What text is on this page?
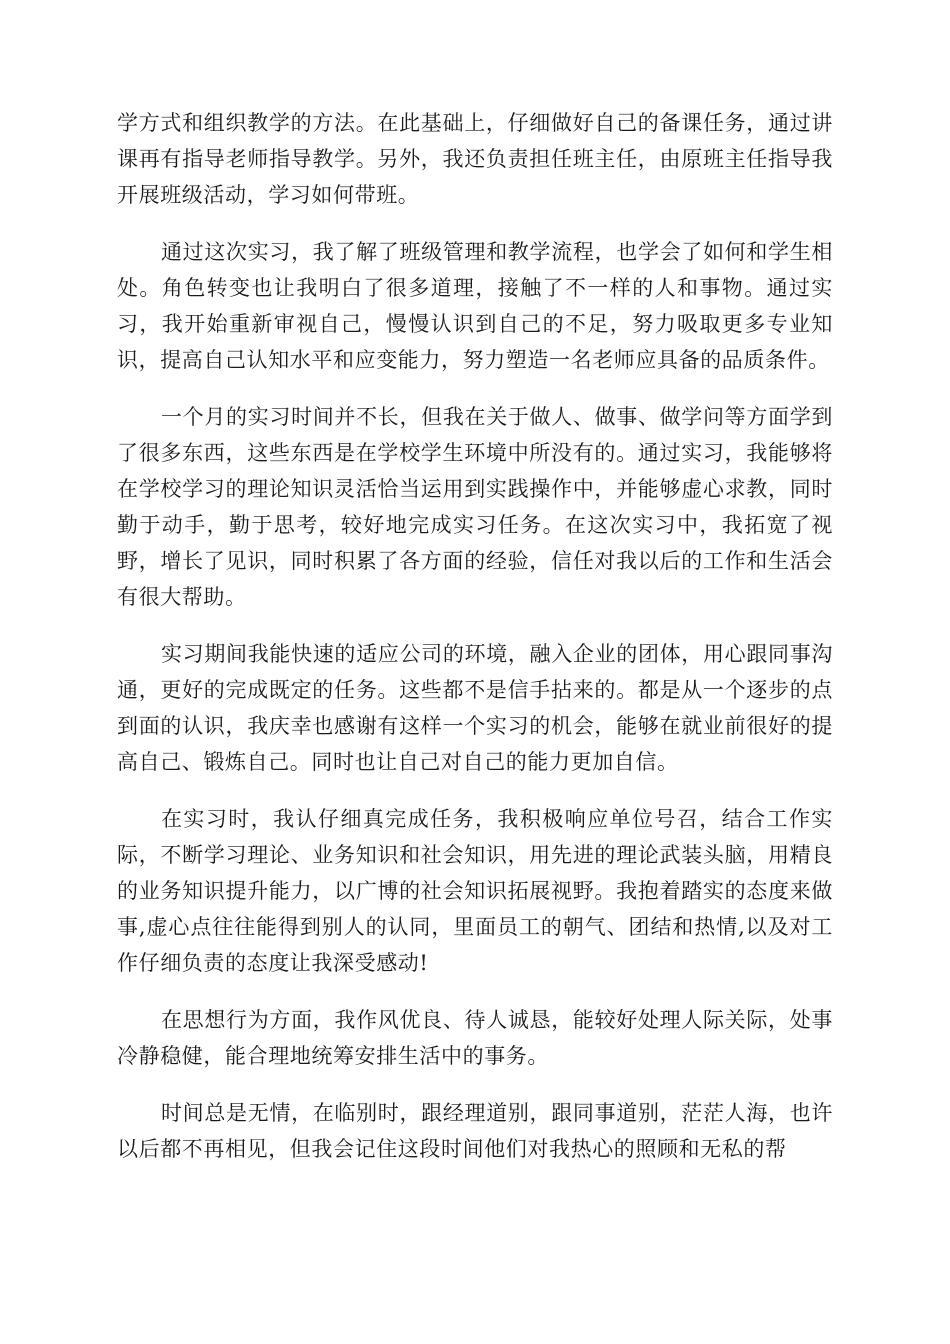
学方式和组织教学的方法。在此基础上，仔细做好自己的备课任务，通过讲课再有指导老师指导教学。另外，我还负责担任班主任，由原班主任指导我开展班级活动，学习如何带班。

通过这次实习，我了解了班级管理和教学流程，也学会了如何和学生相处。角色转变也让我明白了很多道理，接触了不一样的人和事物。通过实习，我开始重新审视自己，慢慢认识到自己的不足，努力吸取更多专业知识，提高自己认知水平和应变能力，努力塑造一名老师应具备的品质条件。

一个月的实习时间并不长，但我在关于做人、做事、做学问等方面学到了很多东西，这些东西是在学校学生环境中所没有的。通过实习，我能够将在学校学习的理论知识灵活恰当运用到实践操作中，并能够虚心求教，同时勤于动手，勤于思考，较好地完成实习任务。在这次实习中，我拓宽了视野，增长了见识，同时积累了各方面的经验，信任对我以后的工作和生活会有很大帮助。

实习期间我能快速的适应公司的环境，融入企业的团体，用心跟同事沟通，更好的完成既定的任务。这些都不是信手拈来的。都是从一个逐步的点到面的认识，我庆幸也感谢有这样一个实习的机会，能够在就业前很好的提高自己、锻炼自己。同时也让自己对自己的能力更加自信。

在实习时，我认仔细真完成任务，我积极响应单位号召，结合工作实际，不断学习理论、业务知识和社会知识，用先进的理论武装头脑，用精良的业务知识提升能力，以广博的社会知识拓展视野。我抱着踏实的态度来做事,虚心点往往能得到别人的认同，里面员工的朝气、团结和热情,以及对工作仔细负责的态度让我深受感动!

在思想行为方面，我作风优良、待人诚恳，能较好处理人际关际，处事冷静稳健，能合理地统筹安排生活中的事务。

时间总是无情，在临别时，跟经理道别，跟同事道别，茫茫人海，也许以后都不再相见，但我会记住这段时间他们对我热心的照顾和无私的帮
